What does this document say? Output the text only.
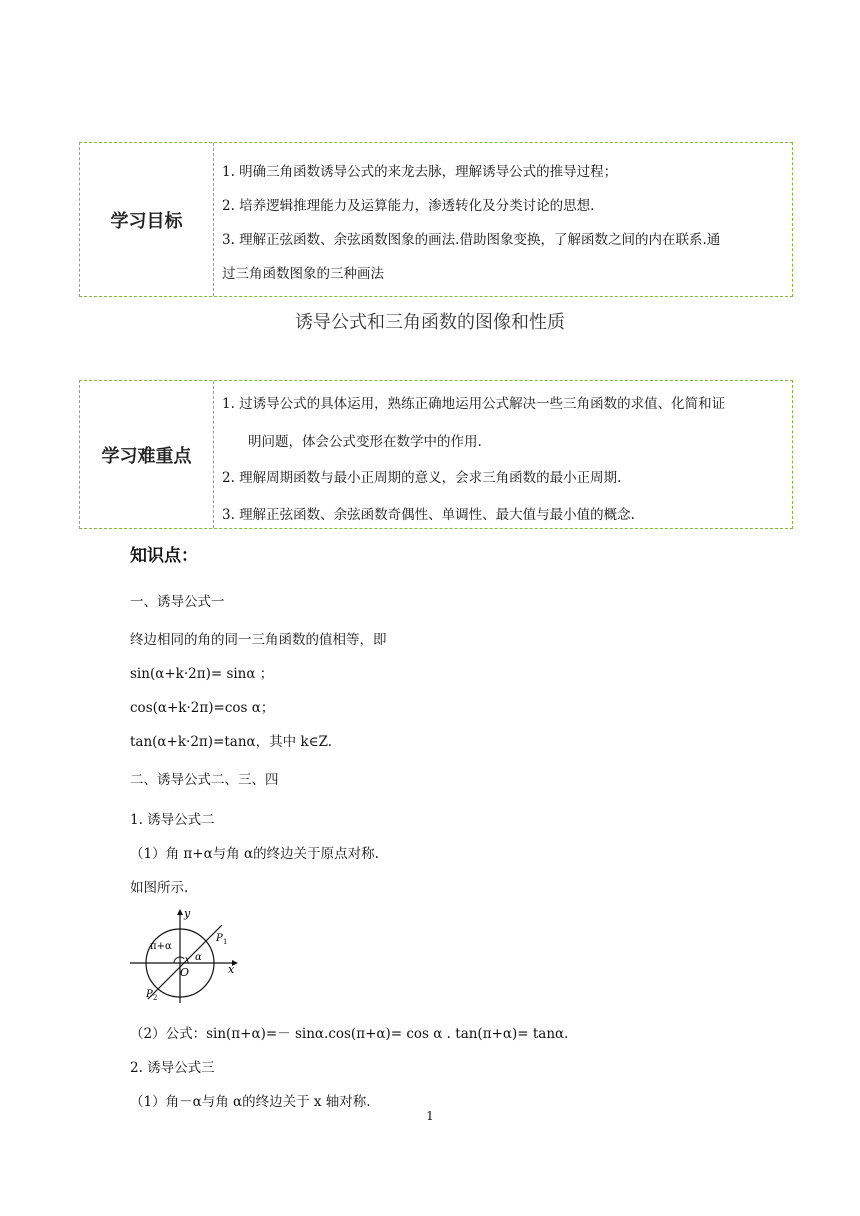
学习目标
1. 明确三角函数诱导公式的来龙去脉，理解诱导公式的推导过程；
2. 培养逻辑推理能力及运算能力，渗透转化及分类讨论的思想.
3. 理解正弦函数、余弦函数图象的画法.借助图象变换，了解函数之间的内在联系.通
过三角函数图象的三种画法
诱导公式和三角函数的图像和性质
学习难重点
1. 过诱导公式的具体运用，熟练正确地运用公式解决一些三角函数的求值、化简和证
明问题，体会公式变形在数学中的作用.
2. 理解周期函数与最小正周期的意义，会求三角函数的最小正周期.
3. 理解正弦函数、余弦函数奇偶性、单调性、最大值与最小值的概念.
知识点：
一、诱导公式一
终边相同的角的同一三角函数的值相等，即
sin(α+k·2π)= sinα ；
cos(α+k·2π)=cos α；
tan(α+k·2π)=tanα，其中 k∈Z.
二、诱导公式二、三、四
1. 诱导公式二
（1）角 π+α与角 α的终边关于原点对称.
如图所示.
y
x
O
α
π+α
P 1
P 2
（2）公式：sin(π+α)=－ sinα.cos(π+α)= cos α . tan(π+α)= tanα.
2. 诱导公式三
（1）角－α与角 α的终边关于 x 轴对称.
1
